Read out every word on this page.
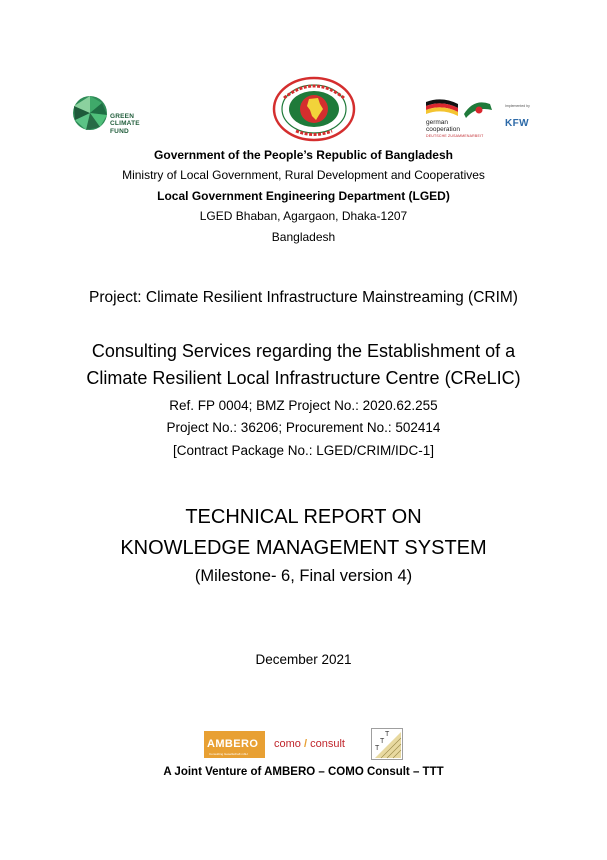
GREEN
CLIMATE
FUND
german
cooperation
DEUTSCHE ZUSAMMENARBEIT
Implemented by
KFW
Government of the People’s Republic of Bangladesh
Ministry of Local Government, Rural Development and Cooperatives
Local Government Engineering Department (LGED)
LGED Bhaban, Agargaon, Dhaka-1207
Bangladesh
Project: Climate Resilient Infrastructure Mainstreaming (CRIM)
Consulting Services regarding the Establishment of a
Climate Resilient Local Infrastructure Centre (CReLIC)
Ref. FP 0004; BMZ Project No.: 2020.62.255
Project No.: 36206; Procurement No.: 502414
[Contract Package No.: LGED/CRIM/IDC-1]
TECHNICAL REPORT ON
KNOWLEDGE MANAGEMENT SYSTEM
(Milestone- 6, Final version 4)
December 2021
AMBERO
Consulting Gesellschaft mbH
como / consult	T
T
T
A Joint Venture of AMBERO – COMO Consult – TTT
